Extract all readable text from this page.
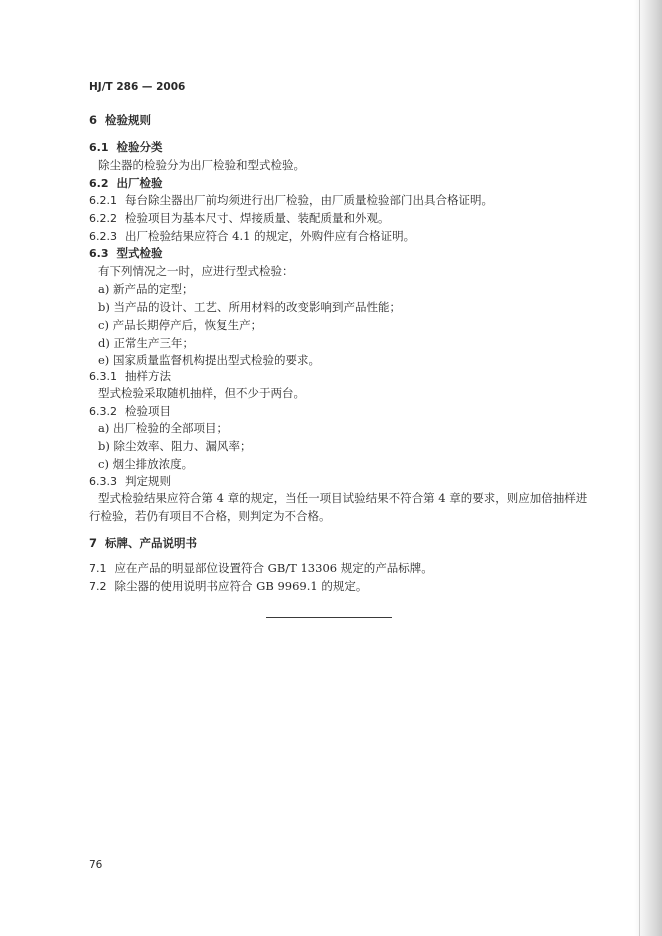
HJ/T 286 — 2006
6 检验规则
6.1 检验分类
除尘器的检验分为出厂检验和型式检验。
6.2 出厂检验
6.2.1 每台除尘器出厂前均须进行出厂检验，由厂质量检验部门出具合格证明。
6.2.2 检验项目为基本尺寸、焊接质量、装配质量和外观。
6.2.3 出厂检验结果应符合 4.1 的规定，外购件应有合格证明。
6.3 型式检验
有下列情况之一时，应进行型式检验：
a) 新产品的定型；
b) 当产品的设计、工艺、所用材料的改变影响到产品性能；
c) 产品长期停产后，恢复生产；
d) 正常生产三年；
e) 国家质量监督机构提出型式检验的要求。
6.3.1 抽样方法
型式检验采取随机抽样，但不少于两台。
6.3.2 检验项目
a) 出厂检验的全部项目；
b) 除尘效率、阻力、漏风率；
c) 烟尘排放浓度。
6.3.3 判定规则
型式检验结果应符合第 4 章的规定，当任一项目试验结果不符合第 4 章的要求，则应加倍抽样进
行检验，若仍有项目不合格，则判定为不合格。
7 标牌、产品说明书
7.1 应在产品的明显部位设置符合 GB/T 13306 规定的产品标牌。
7.2 除尘器的使用说明书应符合 GB 9969.1 的规定。
76
